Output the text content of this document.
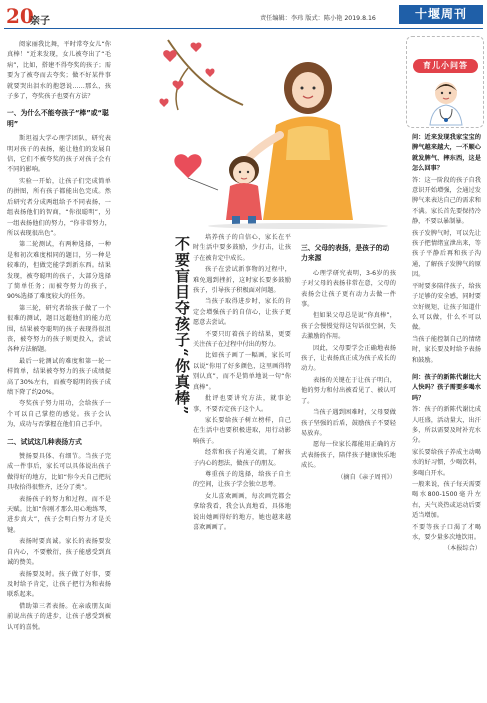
20
亲子	责任编辑：李玮 版式：陈小艳 2019.8.16	十堰周刊

阅家丽我比舞，平时常夸女儿“你真棒！”近来发现，女儿被夸出了“毛病”，比如，搭建不得夸奖的孩子；需要为了被夸而去夸奖；做不好某件事就要哭出泪水的抱怨说……那么，孩子多了，夸奖孩子也要有方法？

一、为什么不能夸孩子“棒”或“聪明”

斯坦福大学心理学团队，研究表明对孩子的表扬，能让他们的发展自信，它们不被夸奖的孩子对孩子会有不同的影响。

实验一开始，让孩子们完成简单的拼图，所有孩子都能出色完成。然后研究者分成两组给予不同表扬，一组表扬他们的智商，“你很聪明”，另一组表扬他们的努力，“你非常努力，所以表现很出色”。

第二轮测试，有两种选择，一种是和初次难度相同的题目，另一种是较难的，但做完能学到新东西。结果发现，被夸聪明的孩子，大部分选择了简单任务；而被夸努力的孩子，90%选择了难度较大的任务。

第三轮，研究者给孩子做了一个很难的测试，题目远超他们的能力范围，结果被夸聪明的孩子表现得很沮丧，被夸努力的孩子则更投入，尝试各种方法解题。

最后一轮测试的难度和第一轮一样简单，结果被夸努力的孩子成绩提高了30%左右，而被夸聪明的孩子成绩下降了约20%。

夸奖孩子努力用功，会给孩子一个可以自己掌控的感觉。孩子会认为，成功与否掌握在他们自己手中。

二、试试这几种表扬方式

赞扬要具体、有细节。当孩子完成一件事后，家长可以具体说出孩子做得好的地方，比如“你今天自己把玩具收拾得很整齐，还分了类”。

表扬孩子的努力和过程，而不是天赋。比如“你刚才那么用心地练琴，进步真大”，孩子会明白努力才是关键。

表扬时要真诚。家长的表扬要发自内心，不要敷衍，孩子能感受到真诚的赞美。

表扬要及时。孩子做了好事，要及时给予肯定，让孩子把行为和表扬联系起来。

借助第三者表扬。在亲戚朋友面前说出孩子的进步，让孩子感受到被认可的喜悦。

不要盲目夺孩子“你真棒”	培养孩子的自信心，家长在平时生活中要多鼓励，少打击，让孩子在被肯定中成长。

孩子在尝试新事物的过程中，难免遇到挫折，这时家长要多鼓励孩子，引导孩子积极面对问题。

当孩子取得进步时，家长的肯定会增强孩子的自信心，让孩子更愿意去尝试。

不要只盯着孩子的结果，更要关注孩子在过程中付出的努力。

比如孩子画了一幅画，家长可以说“你用了好多颜色，这里画得特别认真”，而不是简单地说一句“你真棒”。

批评也要讲究方法，就事论事，不要否定孩子这个人。

家长要给孩子树立榜样，自己在生活中也要积极进取，用行动影响孩子。

经常和孩子沟通交流，了解孩子内心的想法，做孩子的朋友。

尊重孩子的选择，给孩子自主的空间，让孩子学会独立思考。

女儿喜欢画画，每次画完都会拿给我看，我会认真地看，具体地说出她画得好的地方，她也越来越喜欢画画了。

三、父母的表扬，是孩子的动力来源

心理学研究表明，3-6岁的孩子对父母的表扬非常在意，父母的表扬会让孩子更有动力去做一件事。

但如果父母总是说“你真棒”，孩子会慢慢觉得这句话很空洞，失去激励的作用。

因此，父母要学会正确地表扬孩子，让表扬真正成为孩子成长的动力。

表扬的关键在于让孩子明白，他的努力和付出被看见了、被认可了。

当孩子遇到困难时，父母要做孩子坚强的后盾，鼓励孩子不要轻易放弃。

愿每一位家长都能用正确的方式表扬孩子，陪伴孩子健康快乐地成长。

（摘自《亲子周刊》）

育儿小问答

问：近来发现我家宝宝的脾气越来越大，一不顺心就发脾气、摔东西，这是怎么回事？

答：这一阶段的孩子自我意识开始增强，会通过发脾气来表达自己的需求和不满。家长首先要保持冷静，不要以暴制暴。

孩子发脾气时，可以先让孩子把情绪宣泄出来，等孩子平静后再和孩子沟通，了解孩子发脾气的原因。

平时要多陪伴孩子，给孩子足够的安全感，同时要立好规矩，让孩子知道什么可以做，什么不可以做。

当孩子能控制自己的情绪时，家长要及时给予表扬和鼓励。

问：孩子的新陈代谢比大人快吗？孩子需要多喝水吗？

答：孩子的新陈代谢比成人旺盛，活动量大，出汗多，所以需要及时补充水分。

家长要给孩子养成主动喝水的好习惯，少喝饮料，多喝白开水。

一般来说，孩子每天需要喝水800-1500毫升左右，天气炎热或运动后要适当增加。

不要等孩子口渴了才喝水，要少量多次地饮用。

（本报综合）
